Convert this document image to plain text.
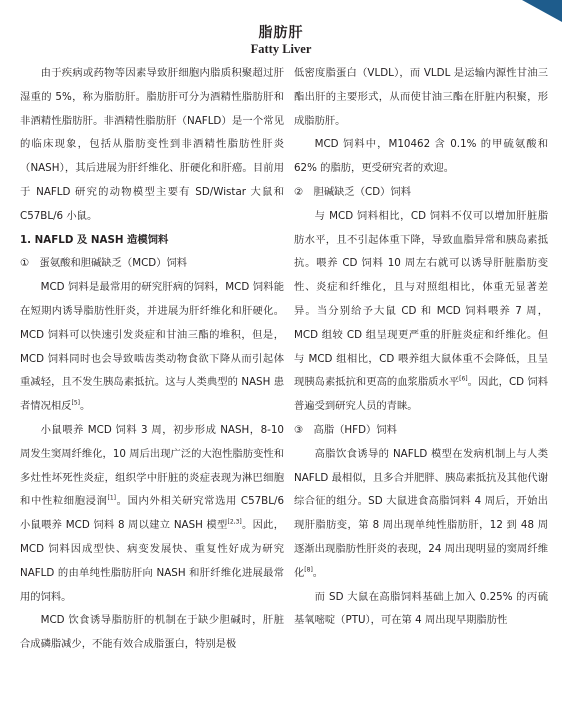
脂肪肝
Fatty Liver
由于疾病或药物等因素导致肝细胞内脂质积聚超过肝湿重的 5%，称为脂肪肝。脂肪肝可分为酒精性脂肪肝和非酒精性脂肪肝。非酒精性脂肪肝（NAFLD）是一个常见的临床现象，包括从脂肪变性到非酒精性脂肪性肝炎（NASH），其后进展为肝纤维化、肝硬化和肝癌。目前用于 NAFLD 研究的动物模型主要有 SD/Wistar 大鼠和 C57BL/6 小鼠。
1. NAFLD 及 NASH 造模饲料
①　蛋氨酸和胆碱缺乏（MCD）饲料
MCD 饲料是最常用的研究肝病的饲料，MCD 饲料能在短期内诱导脂肪性肝炎，并进展为肝纤维化和肝硬化。MCD 饲料可以快速引发炎症和甘油三酯的堆积，但是，MCD 饲料同时也会导致啮齿类动物食欲下降从而引起体重减轻，且不发生胰岛素抵抗。这与人类典型的 NASH 患者情况相反[5]。
小鼠喂养 MCD 饲料 3 周，初步形成 NASH，8-10 周发生窦周纤维化，10 周后出现广泛的大泡性脂肪变性和多灶性坏死性炎症，组织学中肝脏的炎症表现为淋巴细胞和中性粒细胞浸润[1]。国内外相关研究常选用 C57BL/6 小鼠喂养 MCD 饲料 8 周以建立 NASH 模型[2,3]。因此，MCD 饲料因成型快、病变发展快、重复性好成为研究 NAFLD 的由单纯性脂肪肝向 NASH 和肝纤维化进展最常用的饲料。
MCD 饮食诱导脂肪肝的机制在于缺少胆碱时，肝脏合成磷脂减少，不能有效合成脂蛋白，特别是极
低密度脂蛋白（VLDL），而 VLDL 是运输内源性甘油三酯出肝的主要形式，从而使甘油三酯在肝脏内积聚，形成脂肪肝。
MCD 饲料中，M10462 含 0.1% 的甲硫氨酸和 62% 的脂肪，更受研究者的欢迎。
②　胆碱缺乏（CD）饲料
与 MCD 饲料相比，CD 饲料不仅可以增加肝脏脂肪水平，且不引起体重下降，导致血脂异常和胰岛素抵抗。喂养 CD 饲料 10 周左右就可以诱导肝脏脂肪变性、炎症和纤维化，且与对照组相比，体重无显著差异。当分别给予大鼠 CD 和 MCD 饲料喂养 7 周，MCD 组较 CD 组呈现更严重的肝脏炎症和纤维化。但与 MCD 组相比，CD 喂养组大鼠体重不会降低，且呈现胰岛素抵抗和更高的血浆脂质水平[6]。因此，CD 饲料普遍受到研究人员的青睐。
③　高脂（HFD）饲料
高脂饮食诱导的 NAFLD 模型在发病机制上与人类 NAFLD 最相似，且多合并肥胖、胰岛素抵抗及其他代谢综合征的组分。SD 大鼠进食高脂饲料 4 周后，开始出现肝脂肪变，第 8 周出现单纯性脂肪肝，12 到 48 周逐渐出现脂肪性肝炎的表现，24 周出现明显的窦周纤维化[8]。
而 SD 大鼠在高脂饲料基础上加入 0.25% 的丙硫基氧嘧啶（PTU），可在第 4 周出现早期脂肪性
